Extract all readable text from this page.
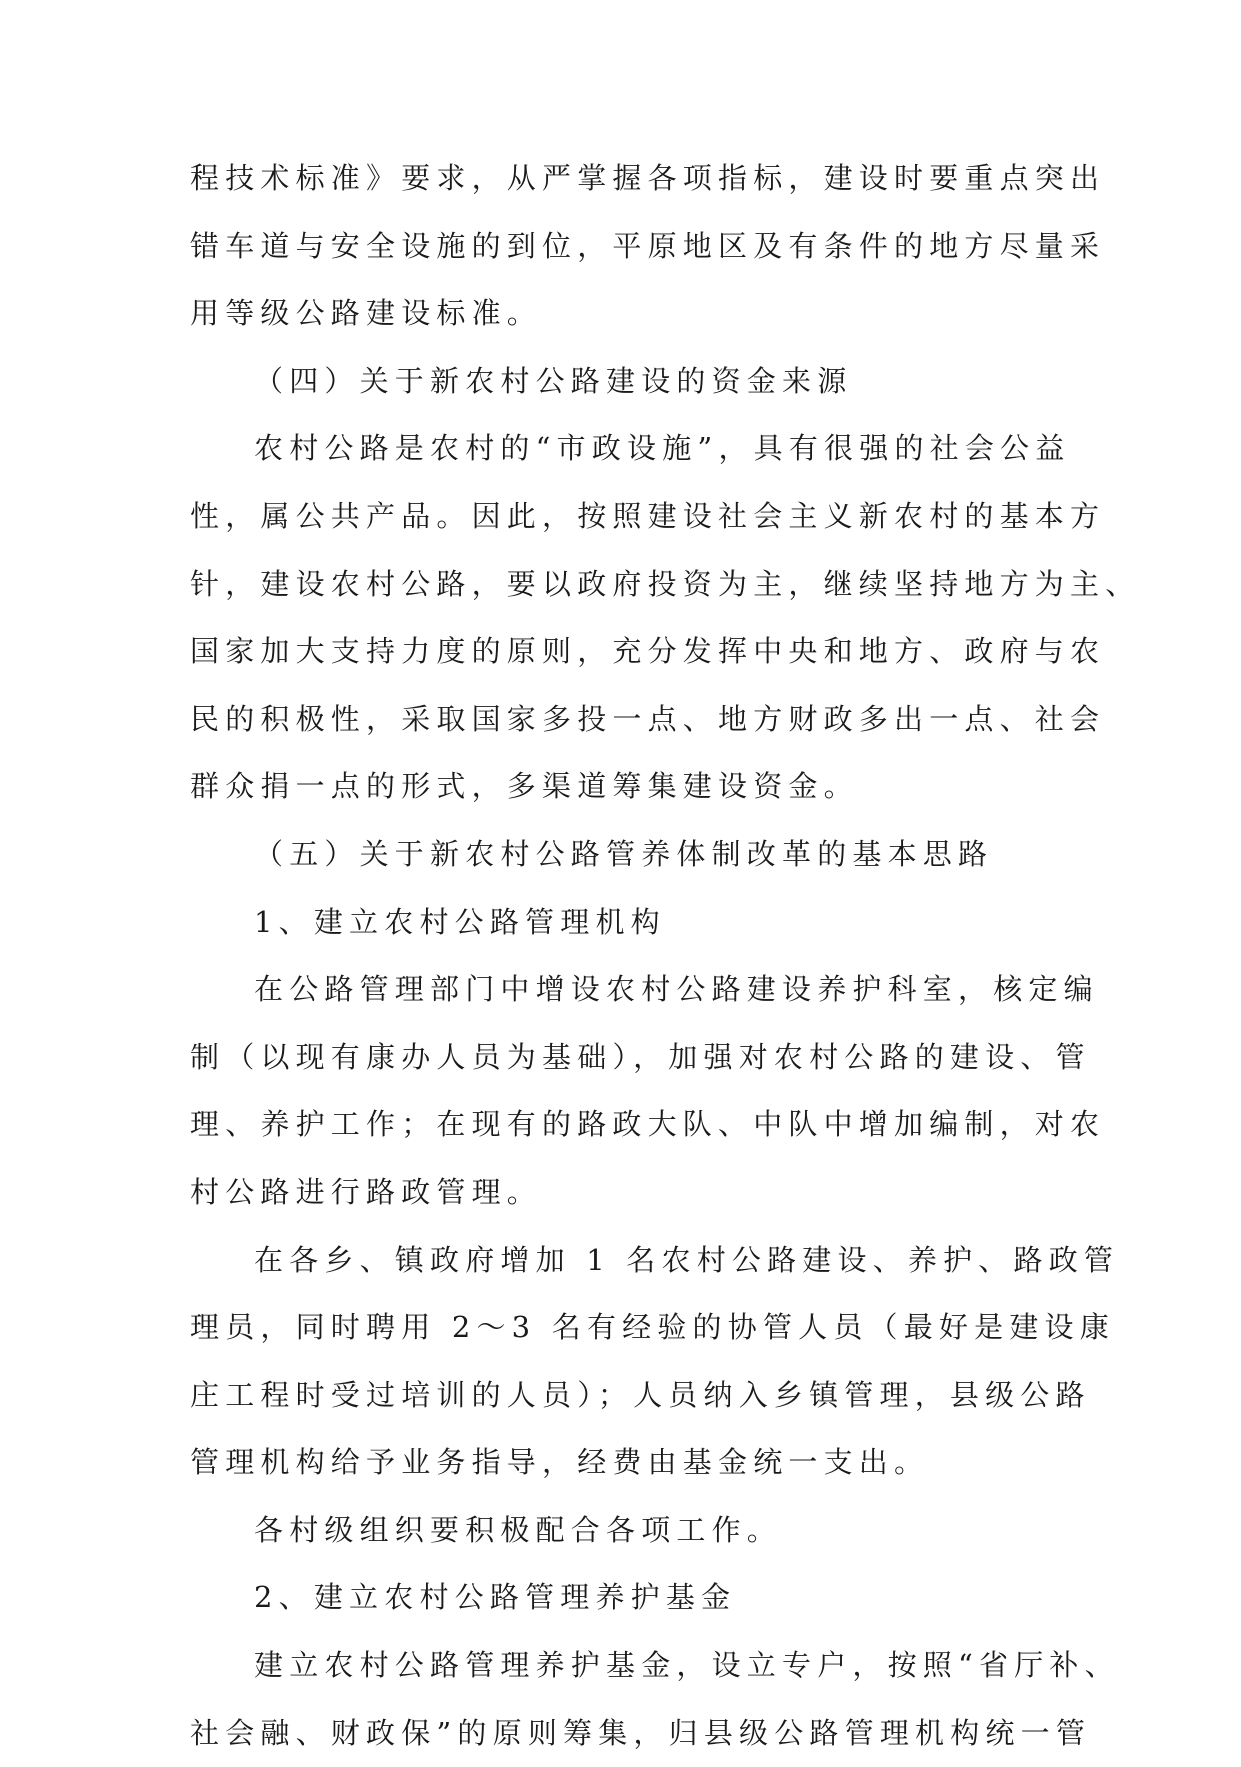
程技术标准》要求，从严掌握各项指标，建设时要重点突出
错车道与安全设施的到位，平原地区及有条件的地方尽量采
用等级公路建设标准。
（四）关于新农村公路建设的资金来源
农村公路是农村的“市政设施”，具有很强的社会公益
性，属公共产品。因此，按照建设社会主义新农村的基本方
针，建设农村公路，要以政府投资为主，继续坚持地方为主、
国家加大支持力度的原则，充分发挥中央和地方、政府与农
民的积极性，采取国家多投一点、地方财政多出一点、社会
群众捐一点的形式，多渠道筹集建设资金。
（五）关于新农村公路管养体制改革的基本思路
1、建立农村公路管理机构
在公路管理部门中增设农村公路建设养护科室，核定编
制（以现有康办人员为基础），加强对农村公路的建设、管
理、养护工作；在现有的路政大队、中队中增加编制，对农
村公路进行路政管理。
在各乡、镇政府增加 1 名农村公路建设、养护、路政管
理员，同时聘用 2～3 名有经验的协管人员（最好是建设康
庄工程时受过培训的人员）；人员纳入乡镇管理，县级公路
管理机构给予业务指导，经费由基金统一支出。
各村级组织要积极配合各项工作。
2、建立农村公路管理养护基金
建立农村公路管理养护基金，设立专户，按照“省厅补、
社会融、财政保”的原则筹集，归县级公路管理机构统一管
